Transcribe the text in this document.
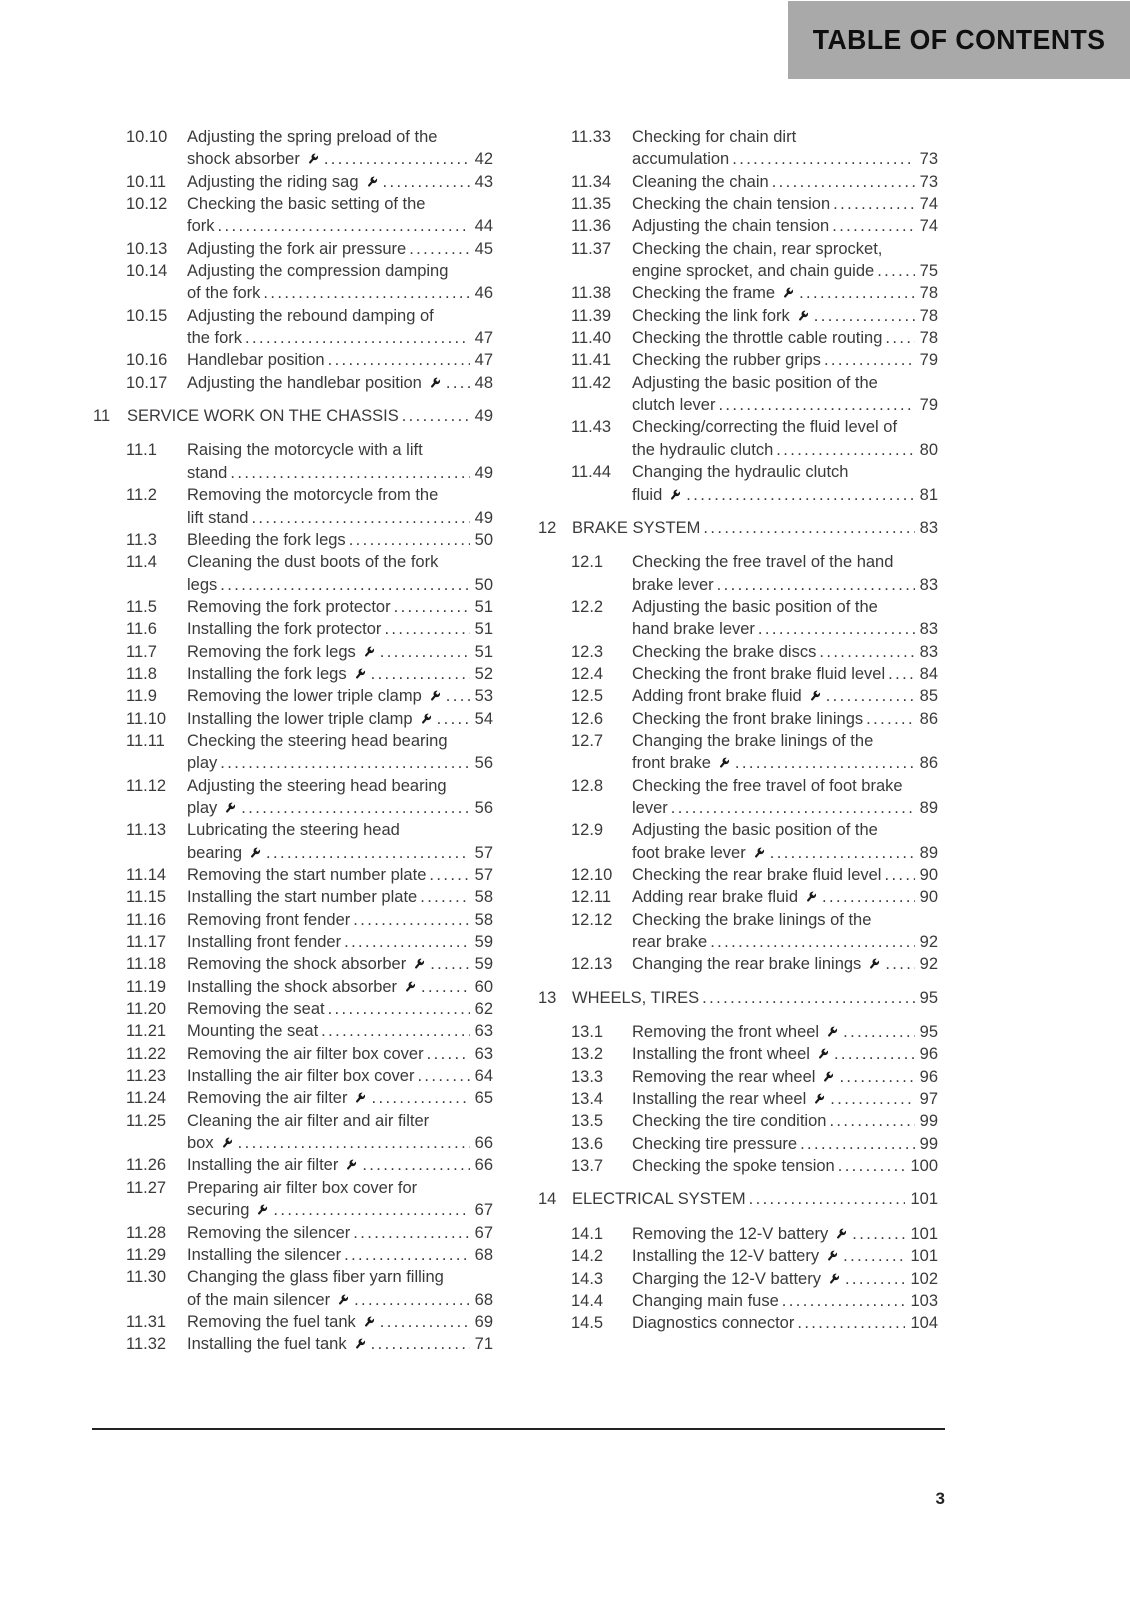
TABLE OF CONTENTS
10.10	Adjusting the spring preload of the
shock absorber .....	42
10.11	Adjusting the riding sag .....	43
10.12	Checking the basic setting of the
fork .....	44
10.13	Adjusting the fork air pressure .....	45
10.14	Adjusting the compression damping
of the fork .....	46
10.15	Adjusting the rebound damping of
the fork .....	47
10.16	Handlebar position .....	47
10.17	Adjusting the handlebar position .....	48
11	SERVICE WORK ON THE CHASSIS .....	49
11.1	Raising the motorcycle with a lift
stand .....	49
11.2	Removing the motorcycle from the
lift stand .....	49
11.3	Bleeding the fork legs .....	50
11.4	Cleaning the dust boots of the fork
legs .....	50
11.5	Removing the fork protector .....	51
11.6	Installing the fork protector .....	51
11.7	Removing the fork legs .....	51
11.8	Installing the fork legs .....	52
11.9	Removing the lower triple clamp .....	53
11.10	Installing the lower triple clamp .....	54
11.11	Checking the steering head bearing
play .....	56
11.12	Adjusting the steering head bearing
play .....	56
11.13	Lubricating the steering head
bearing .....	57
11.14	Removing the start number plate .....	57
11.15	Installing the start number plate .....	58
11.16	Removing front fender .....	58
11.17	Installing front fender .....	59
11.18	Removing the shock absorber .....	59
11.19	Installing the shock absorber .....	60
11.20	Removing the seat .....	62
11.21	Mounting the seat .....	63
11.22	Removing the air filter box cover .....	63
11.23	Installing the air filter box cover .....	64
11.24	Removing the air filter .....	65
11.25	Cleaning the air filter and air filter
box .....	66
11.26	Installing the air filter .....	66
11.27	Preparing air filter box cover for
securing .....	67
11.28	Removing the silencer .....	67
11.29	Installing the silencer .....	68
11.30	Changing the glass fiber yarn filling
of the main silencer .....	68
11.31	Removing the fuel tank .....	69
11.32	Installing the fuel tank .....	71
11.33	Checking for chain dirt
accumulation .....	73
11.34	Cleaning the chain .....	73
11.35	Checking the chain tension .....	74
11.36	Adjusting the chain tension .....	74
11.37	Checking the chain, rear sprocket,
engine sprocket, and chain guide .....	75
11.38	Checking the frame .....	78
11.39	Checking the link fork .....	78
11.40	Checking the throttle cable routing ..... 78
11.41	Checking the rubber grips .....	79
11.42	Adjusting the basic position of the
clutch lever .....	79
11.43	Checking/correcting the fluid level of
the hydraulic clutch .....	80
11.44	Changing the hydraulic clutch
fluid .....	81
12 BRAKE SYSTEM .....	83
12.1	Checking the free travel of the hand
brake lever .....	83
12.2	Adjusting the basic position of the
hand brake lever .....	83
12.3	Checking the brake discs .....	83
12.4	Checking the front brake fluid level ..... 84
12.5	Adding front brake fluid .....	85
12.6	Checking the front brake linings .....	86
12.7	Changing the brake linings of the
front brake .....	86
12.8	Checking the free travel of foot brake
lever .....	89
12.9	Adjusting the basic position of the
foot brake lever .....	89
12.10	Checking the rear brake fluid level ..... 90
12.11	Adding rear brake fluid .....	90
12.12	Checking the brake linings of the
rear brake .....	92
12.13	Changing the rear brake linings .....	92
13 WHEELS, TIRES .....	95
13.1	Removing the front wheel .....	95
13.2	Installing the front wheel .....	96
13.3	Removing the rear wheel .....	96
13.4	Installing the rear wheel .....	97
13.5	Checking the tire condition .....	99
13.6	Checking tire pressure .....	99
13.7	Checking the spoke tension .....	100
14 ELECTRICAL SYSTEM .....	101
14.1	Removing the 12-V battery .....	101
14.2	Installing the 12-V battery .....	101
14.3	Charging the 12-V battery .....	102
14.4	Changing main fuse .....	103
14.5	Diagnostics connector .....	104
3
